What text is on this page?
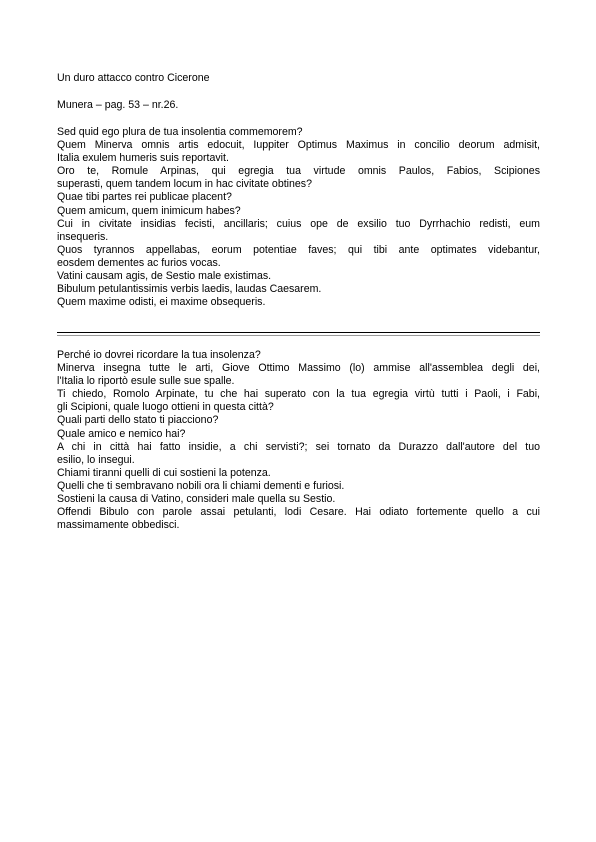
Un duro attacco contro Cicerone
Munera – pag. 53 – nr.26.
Sed quid ego plura de tua insolentia commemorem?
Quem Minerva omnis artis edocuit, Iuppiter Optimus Maximus in concilio deorum admisit,
Italia exulem humeris suis reportavit.
Oro te, Romule Arpinas, qui egregia tua virtude omnis Paulos, Fabios, Scipiones
superasti, quem tandem locum in hac civitate obtines?
Quae tibi partes rei publicae placent?
Quem amicum, quem inimicum habes?
Cui in civitate insidias fecisti, ancillaris; cuius ope de exsilio tuo Dyrrhachio redisti, eum
insequeris.
Quos tyrannos appellabas, eorum potentiae faves; qui tibi ante optimates videbantur,
eosdem dementes ac furios vocas.
Vatini causam agis, de Sestio male existimas.
Bibulum petulantissimis verbis laedis, laudas Caesarem.
Quem maxime odisti, ei maxime obsequeris.
Perché io dovrei ricordare la tua insolenza?
Minerva insegna tutte le arti, Giove Ottimo Massimo (lo) ammise all'assemblea degli dei,
l'Italia lo riportò esule sulle sue spalle.
Ti chiedo, Romolo Arpinate, tu che hai superato con la tua egregia virtù tutti i Paoli, i Fabi,
gli Scipioni, quale luogo ottieni in questa città?
Quali parti dello stato ti piacciono?
Quale amico e nemico hai?
A chi in città hai fatto insidie, a chi servisti?; sei tornato da Durazzo dall'autore del tuo
esilio, lo insegui.
Chiami tiranni quelli di cui sostieni la potenza.
Quelli che ti sembravano nobili ora li chiami dementi e furiosi.
Sostieni la causa di Vatino, consideri male quella su Sestio.
Offendi Bibulo con parole assai petulanti, lodi Cesare. Hai odiato fortemente quello a cui
massimamente obbedisci.
